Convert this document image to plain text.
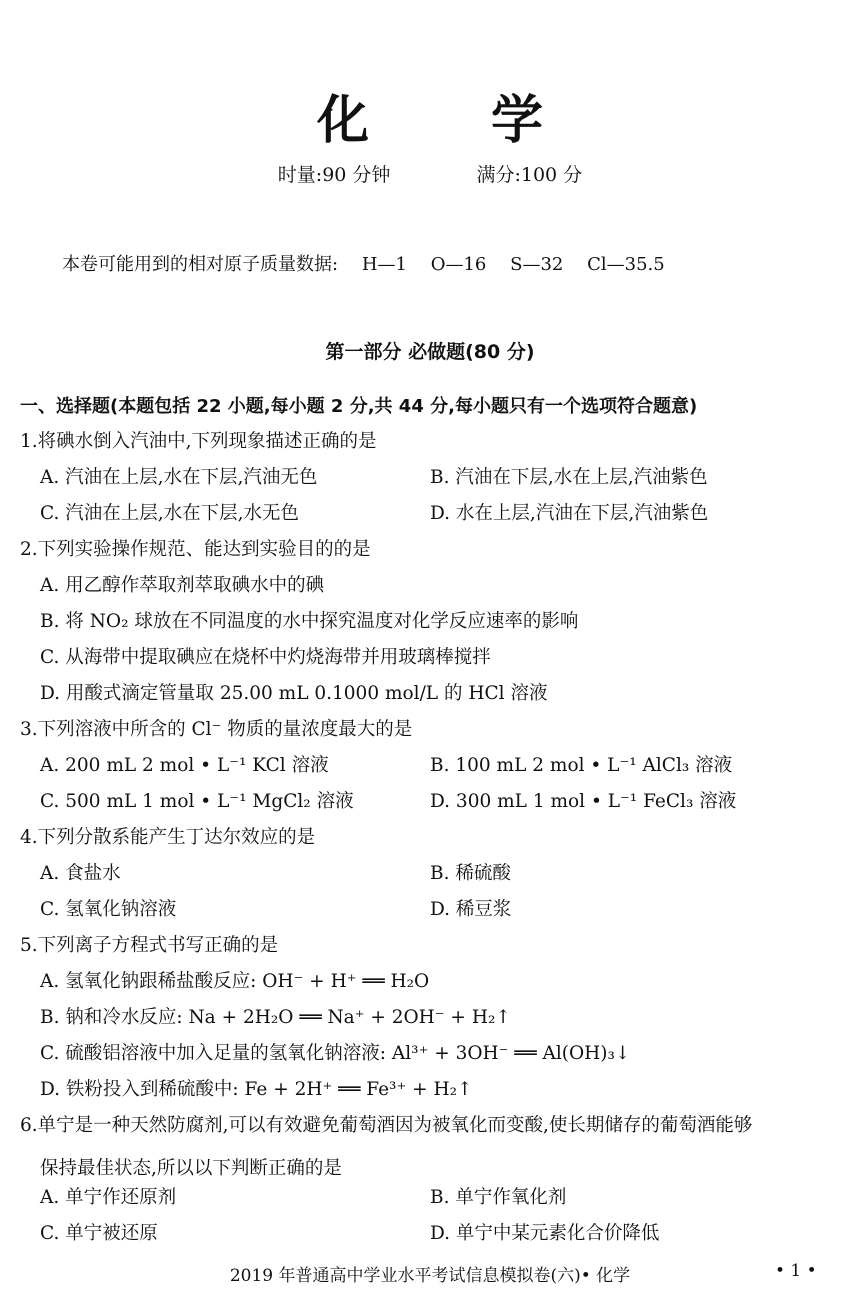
化 学
时量:90 分钟	满分:100 分
本卷可能用到的相对原子质量数据: H—1 O—16 S—32 Cl—35.5
第一部分 必做题(80 分)
一、选择题(本题包括 22 小题,每小题 2 分,共 44 分,每小题只有一个选项符合题意)
1.将碘水倒入汽油中,下列现象描述正确的是
A. 汽油在上层,水在下层,汽油无色	B. 汽油在下层,水在上层,汽油紫色
C. 汽油在上层,水在下层,水无色	D. 水在上层,汽油在下层,汽油紫色
2.下列实验操作规范、能达到实验目的的是
A. 用乙醇作萃取剂萃取碘水中的碘
B. 将 NO₂ 球放在不同温度的水中探究温度对化学反应速率的影响
C. 从海带中提取碘应在烧杯中灼烧海带并用玻璃棒搅拌
D. 用酸式滴定管量取 25.00 mL 0.1000 mol/L 的 HCl 溶液
3.下列溶液中所含的 Cl⁻ 物质的量浓度最大的是
A. 200 mL 2 mol • L⁻¹ KCl 溶液	B. 100 mL 2 mol • L⁻¹ AlCl₃ 溶液
C. 500 mL 1 mol • L⁻¹ MgCl₂ 溶液	D. 300 mL 1 mol • L⁻¹ FeCl₃ 溶液
4.下列分散系能产生丁达尔效应的是
A. 食盐水	B. 稀硫酸
C. 氢氧化钠溶液	D. 稀豆浆
5.下列离子方程式书写正确的是
A. 氢氧化钠跟稀盐酸反应: OH⁻ + H⁺ ══ H₂O
B. 钠和冷水反应: Na + 2H₂O ══ Na⁺ + 2OH⁻ + H₂↑
C. 硫酸铝溶液中加入足量的氢氧化钠溶液: Al³⁺ + 3OH⁻ ══ Al(OH)₃↓
D. 铁粉投入到稀硫酸中: Fe + 2H⁺ ══ Fe³⁺ + H₂↑
6.单宁是一种天然防腐剂,可以有效避免葡萄酒因为被氧化而变酸,使长期储存的葡萄酒能够
保持最佳状态,所以以下判断正确的是
A. 单宁作还原剂	B. 单宁作氧化剂
C. 单宁被还原	D. 单宁中某元素化合价降低
2019 年普通高中学业水平考试信息模拟卷(六)• 化学	• 1 •
